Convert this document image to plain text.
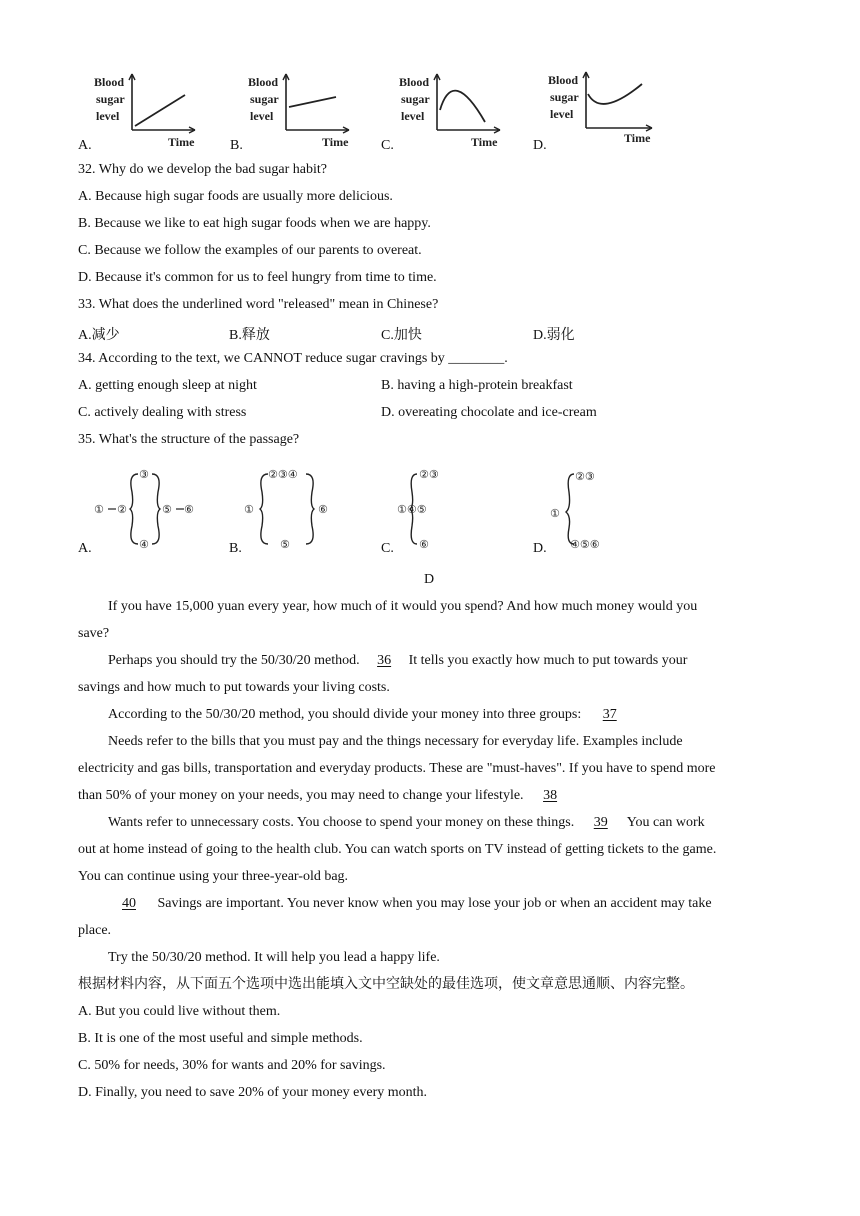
Blood
sugar
level
Time
A.
Blood
sugar
level
Time
B.
Blood
sugar
level
Time
C.
Blood
sugar
level
Time
D.
32. Why do we develop the bad sugar habit?
A. Because high sugar foods are usually more delicious.
B. Because we like to eat high sugar foods when we are happy.
C. Because we follow the examples of our parents to overeat.
D. Because it's common for us to feel hungry from time to time.
33. What does the underlined word "released" mean in Chinese?
A.减少	B.释放	C.加快	D.弱化
34. According to the text, we CANNOT reduce sugar cravings by ________.
A. getting enough sleep at night	B. having a high-protein breakfast
C. actively dealing with stress	D. overeating chocolate and ice-cream
35. What's the structure of the passage?
① ②
③
④
⑤ ⑥
A.
①
②③④
⑤
⑥
B.
②③
①④⑤
⑥
C.
①
②③
④⑤⑥
D.
D
If you have 15,000 yuan every year, how much of it would you spend? And how much money would you
save?
Perhaps you should try the 50/30/20 method. 36 It tells you exactly how much to put towards your
savings and how much to put towards your living costs.
According to the 50/30/20 method, you should divide your money into three groups: 37
Needs refer to the bills that you must pay and the things necessary for everyday life. Examples include
electricity and gas bills, transportation and everyday products. These are "must-haves". If you have to spend more
than 50% of your money on your needs, you may need to change your lifestyle. 38
Wants refer to unnecessary costs. You choose to spend your money on these things. 39 You can work
out at home instead of going to the health club. You can watch sports on TV instead of getting tickets to the game.
You can continue using your three-year-old bag.
40 Savings are important. You never know when you may lose your job or when an accident may take
place.
Try the 50/30/20 method. It will help you lead a happy life.
根据材料内容，从下面五个选项中选出能填入文中空缺处的最佳选项，使文章意思通顺、内容完整。
A. But you could live without them.
B. It is one of the most useful and simple methods.
C. 50% for needs, 30% for wants and 20% for savings.
D. Finally, you need to save 20% of your money every month.
